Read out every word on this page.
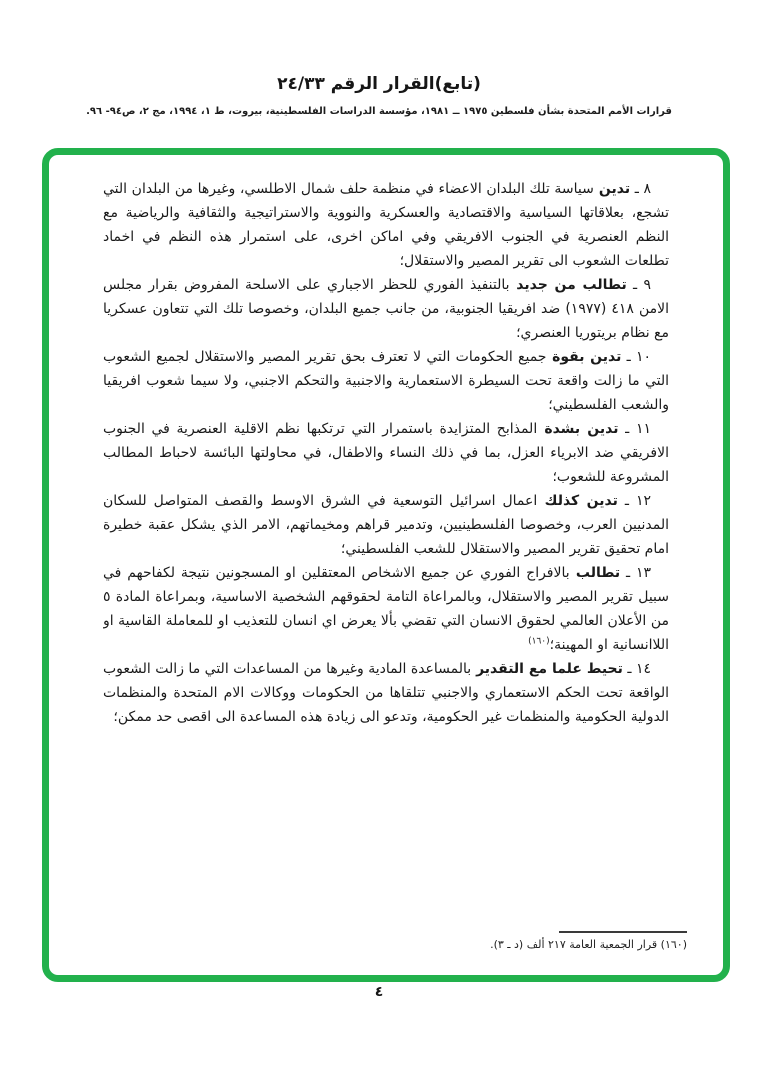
(تابع)القرار الرقم ٢٤/٣٣
قرارات الأمم المتحدة بشأن فلسطين ١٩٧٥ ــ ١٩٨١، مؤسسة الدراسات الفلسطينية، بيروت، ط ١، ١٩٩٤، مج ٢، ص٩٤- ٩٦.

٨ ـ تدين سياسة تلك البلدان الاعضاء في منظمة حلف شمال الاطلسي، وغيرها من البلدان التي تشجع، بعلاقاتها السياسية والاقتصادية والعسكرية والنووية والاستراتيجية والثقافية والرياضية مع النظم العنصرية في الجنوب الافريقي وفي اماكن اخرى، على استمرار هذه النظم في اخماد تطلعات الشعوب الى تقرير المصير والاستقلال؛

٩ ـ تطالب من جديد بالتنفيذ الفوري للحظر الاجباري على الاسلحة المفروض بقرار مجلس الامن ٤١٨ (١٩٧٧) ضد افريقيا الجنوبية، من جانب جميع البلدان، وخصوصا تلك التي تتعاون عسكريا مع نظام بريتوريا العنصري؛

١٠ ـ تدين بقوة جميع الحكومات التي لا تعترف بحق تقرير المصير والاستقلال لجميع الشعوب التي ما زالت واقعة تحت السيطرة الاستعمارية والاجنبية والتحكم الاجنبي، ولا سيما شعوب افريقيا والشعب الفلسطيني؛

١١ ـ تدين بشدة المذابح المتزايدة باستمرار التي ترتكبها نظم الاقلية العنصرية في الجنوب الافريقي ضد الابرياء العزل، بما في ذلك النساء والاطفال، في محاولتها البائسة لاحباط المطالب المشروعة للشعوب؛

١٢ ـ تدين كذلك اعمال اسرائيل التوسعية في الشرق الاوسط والقصف المتواصل للسكان المدنيين العرب، وخصوصا الفلسطينيين، وتدمير قراهم ومخيماتهم، الامر الذي يشكل عقبة خطيرة امام تحقيق تقرير المصير والاستقلال للشعب الفلسطيني؛

١٣ ـ تطالب بالافراج الفوري عن جميع الاشخاص المعتقلين او المسجونين نتيجة لكفاحهم في سبيل تقرير المصير والاستقلال، وبالمراعاة التامة لحقوقهم الشخصية الاساسية، وبمراعاة المادة ٥ من الأعلان العالمي لحقوق الانسان التي تقضي بألا يعرض اي انسان للتعذيب او للمعاملة القاسية او اللاانسانية او المهينة؛$^{(١٦٠)}$

١٤ ـ تحيط علما مع التقدير بالمساعدة المادية وغيرها من المساعدات التي ما زالت الشعوب الواقعة تحت الحكم الاستعماري والاجنبي تتلقاها من الحكومات ووكالات الام المتحدة والمنظمات الدولية الحكومية والمنظمات غير الحكومية، وتدعو الى زيادة هذه المساعدة الى اقصى حد ممكن؛

(١٦٠) قرار الجمعية العامة ٢١٧ ألف (د ـ ٣).
٤
